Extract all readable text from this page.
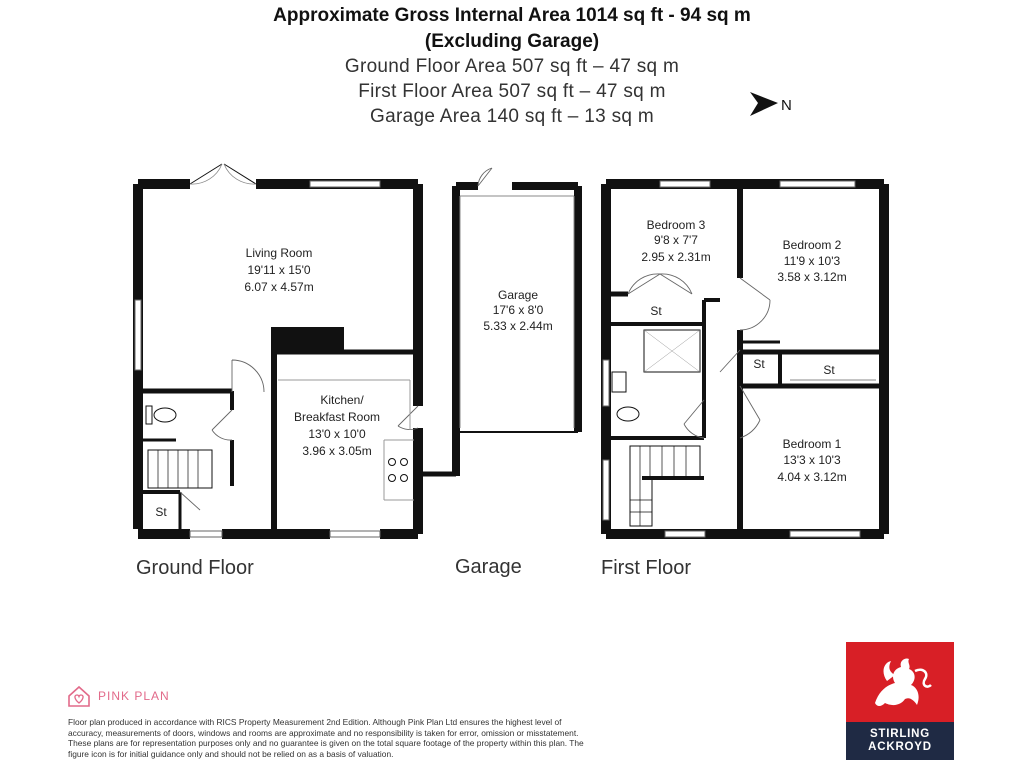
Approximate Gross Internal Area 1014 sq ft - 94 sq m
(Excluding Garage)
Ground Floor Area 507 sq ft – 47 sq m
First Floor Area 507 sq ft – 47 sq m
Garage Area 140 sq ft – 13 sq m
N
Living Room
19'11 x 15'0
6.07 x 4.57m
Kitchen/
Breakfast Room
13'0 x 10'0
3.96 x 3.05m
Garage
17'6 x 8'0
5.33 x 2.44m
Bedroom 3
9'8 x 7'7
2.95 x 2.31m
Bedroom 2
11'9 x 10'3
3.58 x 3.12m
Bedroom 1
13'3 x 10'3
4.04 x 3.12m
St
St
St	St
Ground Floor	Garage	First Floor
PINK PLAN
Floor plan produced in accordance with RICS Property Measurement 2nd Edition. Although Pink Plan Ltd ensures the highest level of accuracy, measurements of doors, windows and rooms are approximate and no responsibility is taken for error, omission or misstatement. These plans are for representation purposes only and no guarantee is given on the total square footage of the property within this plan. The figure icon is for initial guidance only and should not be relied on as a basis of valuation.
STIRLING
ACKROYD
